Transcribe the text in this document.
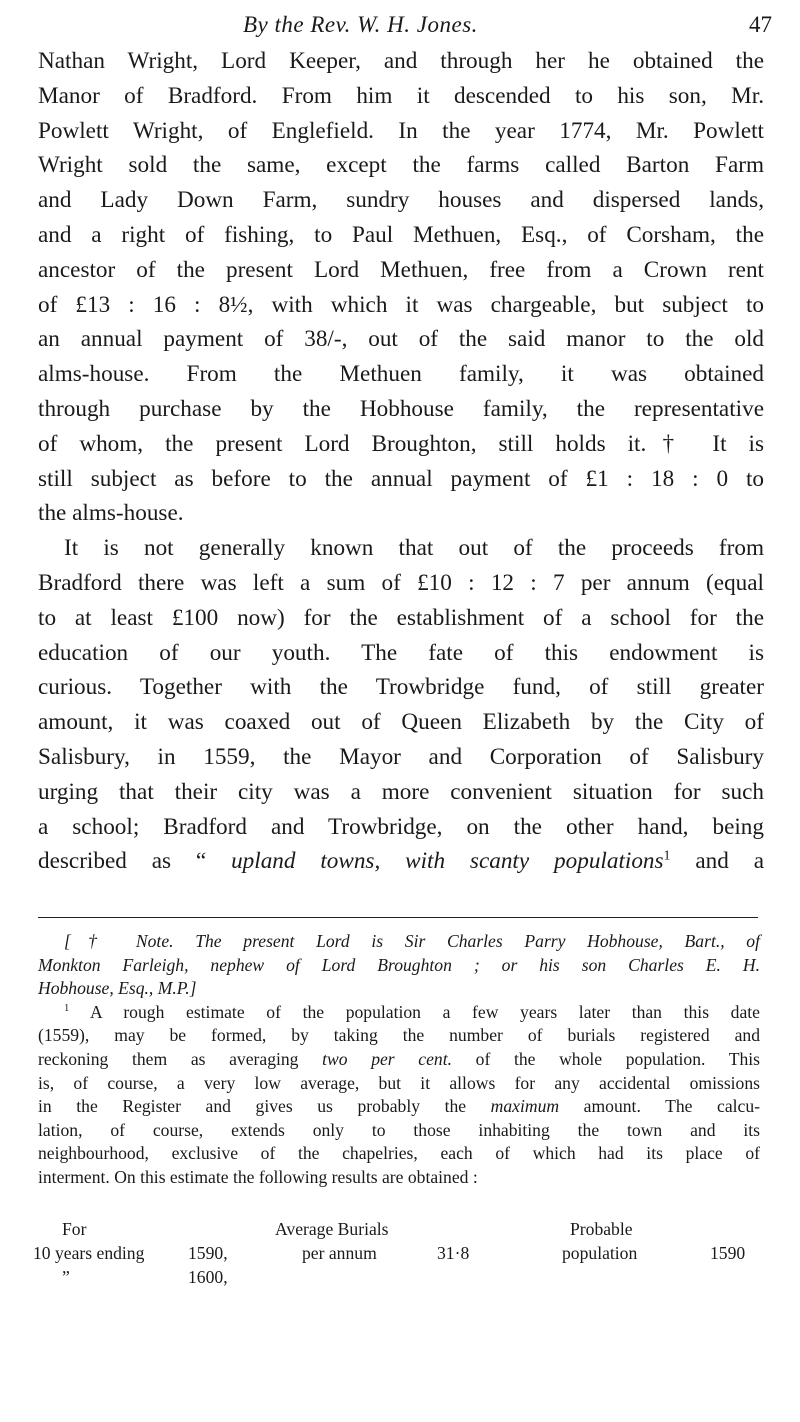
By the Rev. W. H. Jones.	47
Nathan Wright, Lord Keeper, and through her he obtained the
Manor of Bradford. From him it descended to his son, Mr.
Powlett Wright, of Englefield. In the year 1774, Mr. Powlett
Wright sold the same, except the farms called Barton Farm
and Lady Down Farm, sundry houses and dispersed lands,
and a right of fishing, to Paul Methuen, Esq., of Corsham, the
ancestor of the present Lord Methuen, free from a Crown rent
of £13 : 16 : 8½, with which it was chargeable, but subject to
an annual payment of 38/-, out of the said manor to the old
alms-house. From the Methuen family, it was obtained
through purchase by the Hobhouse family, the representative
of whom, the present Lord Broughton, still holds it.† It is
still subject as before to the annual payment of £1 : 18 : 0 to
the alms-house.
It is not generally known that out of the proceeds from
Bradford there was left a sum of £10 : 12 : 7 per annum (equal
to at least £100 now) for the establishment of a school for the
education of our youth. The fate of this endowment is
curious. Together with the Trowbridge fund, of still greater
amount, it was coaxed out of Queen Elizabeth by the City of
Salisbury, in 1559, the Mayor and Corporation of Salisbury
urging that their city was a more convenient situation for such
a school; Bradford and Trowbridge, on the other hand, being
described as “ upland towns, with scanty populations$^1$ and a
[† Note. The present Lord is Sir Charles Parry Hobhouse, Bart., of
Monkton Farleigh, nephew of Lord Broughton ; or his son Charles E. H.
Hobhouse, Esq., M.P.]
$^1$ A rough estimate of the population a few years later than this date
(1559), may be formed, by taking the number of burials registered and
reckoning them as averaging two per cent. of the whole population. This
is, of course, a very low average, but it allows for any accidental omissions
in the Register and gives us probably the maximum amount. The calcu-
lation, of course, extends only to those inhabiting the town and its
neighbourhood, exclusive of the chapelries, each of which had its place of
interment. On this estimate the following results are obtained :
For	Average Burials	Probable
10 years ending 1590,	per annum	31·8	population	1590
”	1600,
